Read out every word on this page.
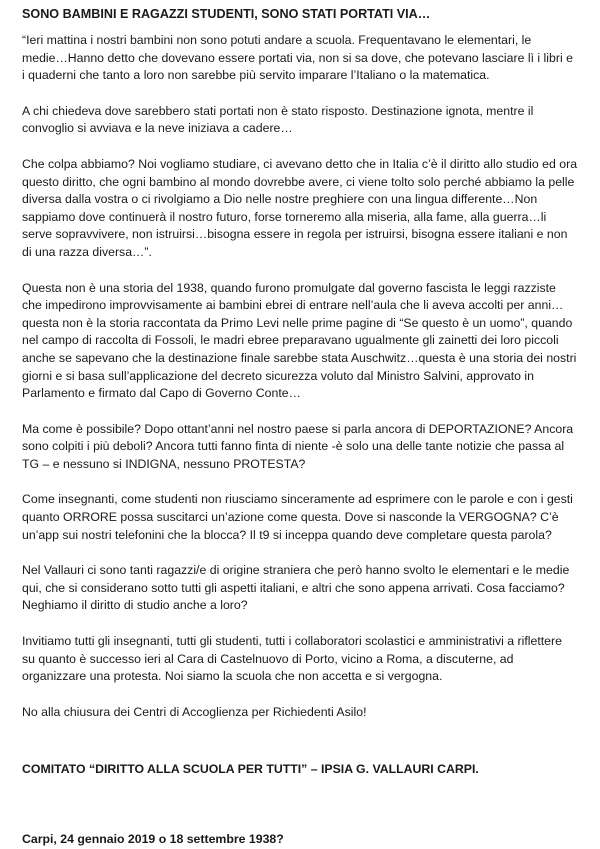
SONO BAMBINI E RAGAZZI STUDENTI, SONO STATI PORTATI VIA…

“Ieri mattina i nostri bambini non sono potuti andare a scuola. Frequentavano le elementari, le medie…Hanno detto che dovevano essere portati via, non si sa dove, che potevano lasciare lì i libri e i quaderni che tanto a loro non sarebbe più servito imparare l’Italiano o la matematica.

A chi chiedeva dove sarebbero stati portati non è stato risposto. Destinazione ignota, mentre il convoglio si avviava e la neve iniziava a cadere…

Che colpa abbiamo? Noi vogliamo studiare, ci avevano detto che in Italia c’è il diritto allo studio ed ora questo diritto, che ogni bambino al mondo dovrebbe avere, ci viene tolto solo perché abbiamo la pelle diversa dalla vostra o ci rivolgiamo a Dio nelle nostre preghiere con una lingua differente…Non sappiamo dove continuerà il nostro futuro, forse torneremo alla miseria, alla fame, alla guerra…li serve sopravvivere, non istruirsi…bisogna essere in regola per istruirsi, bisogna essere italiani e non di una razza diversa…”.

Questa non è una storia del 1938, quando furono promulgate dal governo fascista le leggi razziste che impedirono improvvisamente ai bambini ebrei di entrare nell’aula che li aveva accolti per anni…questa non è la storia raccontata da Primo Levi nelle prime pagine di “Se questo è un uomo”, quando nel campo di raccolta di Fossoli, le madri ebree preparavano ugualmente gli zainetti dei loro piccoli anche se sapevano che la destinazione finale sarebbe stata Auschwitz…questa è una storia dei nostri giorni e si basa sull’applicazione del decreto sicurezza voluto dal Ministro Salvini, approvato in Parlamento e firmato dal Capo di Governo Conte…

Ma come è possibile? Dopo ottant’anni nel nostro paese si parla ancora di DEPORTAZIONE? Ancora sono colpiti i più deboli? Ancora tutti fanno finta di niente -è solo una delle tante notizie che passa al TG – e nessuno si INDIGNA, nessuno PROTESTA?

Come insegnanti, come studenti non riusciamo sinceramente ad esprimere con le parole e con i gesti quanto ORRORE possa suscitarci un’azione come questa. Dove si nasconde la VERGOGNA? C’è un’app sui nostri telefonini che la blocca? Il t9 si inceppa quando deve completare questa parola?

Nel Vallauri ci sono tanti ragazzi/e di origine straniera che però hanno svolto le elementari e le medie qui, che si considerano sotto tutti gli aspetti italiani, e altri che sono appena arrivati. Cosa facciamo? Neghiamo il diritto di studio anche a loro?

Invitiamo tutti gli insegnanti, tutti gli studenti, tutti i collaboratori scolastici e amministrativi a riflettere su quanto è successo ieri al Cara di Castelnuovo di Porto, vicino a Roma, a discuterne, ad organizzare una protesta. Noi siamo la scuola che non accetta e si vergogna.

No alla chiusura dei Centri di Accoglienza per Richiedenti Asilo!

COMITATO “DIRITTO ALLA SCUOLA PER TUTTI” – IPSIA G. VALLAURI CARPI.

Carpi, 24 gennaio 2019 o 18 settembre 1938?
